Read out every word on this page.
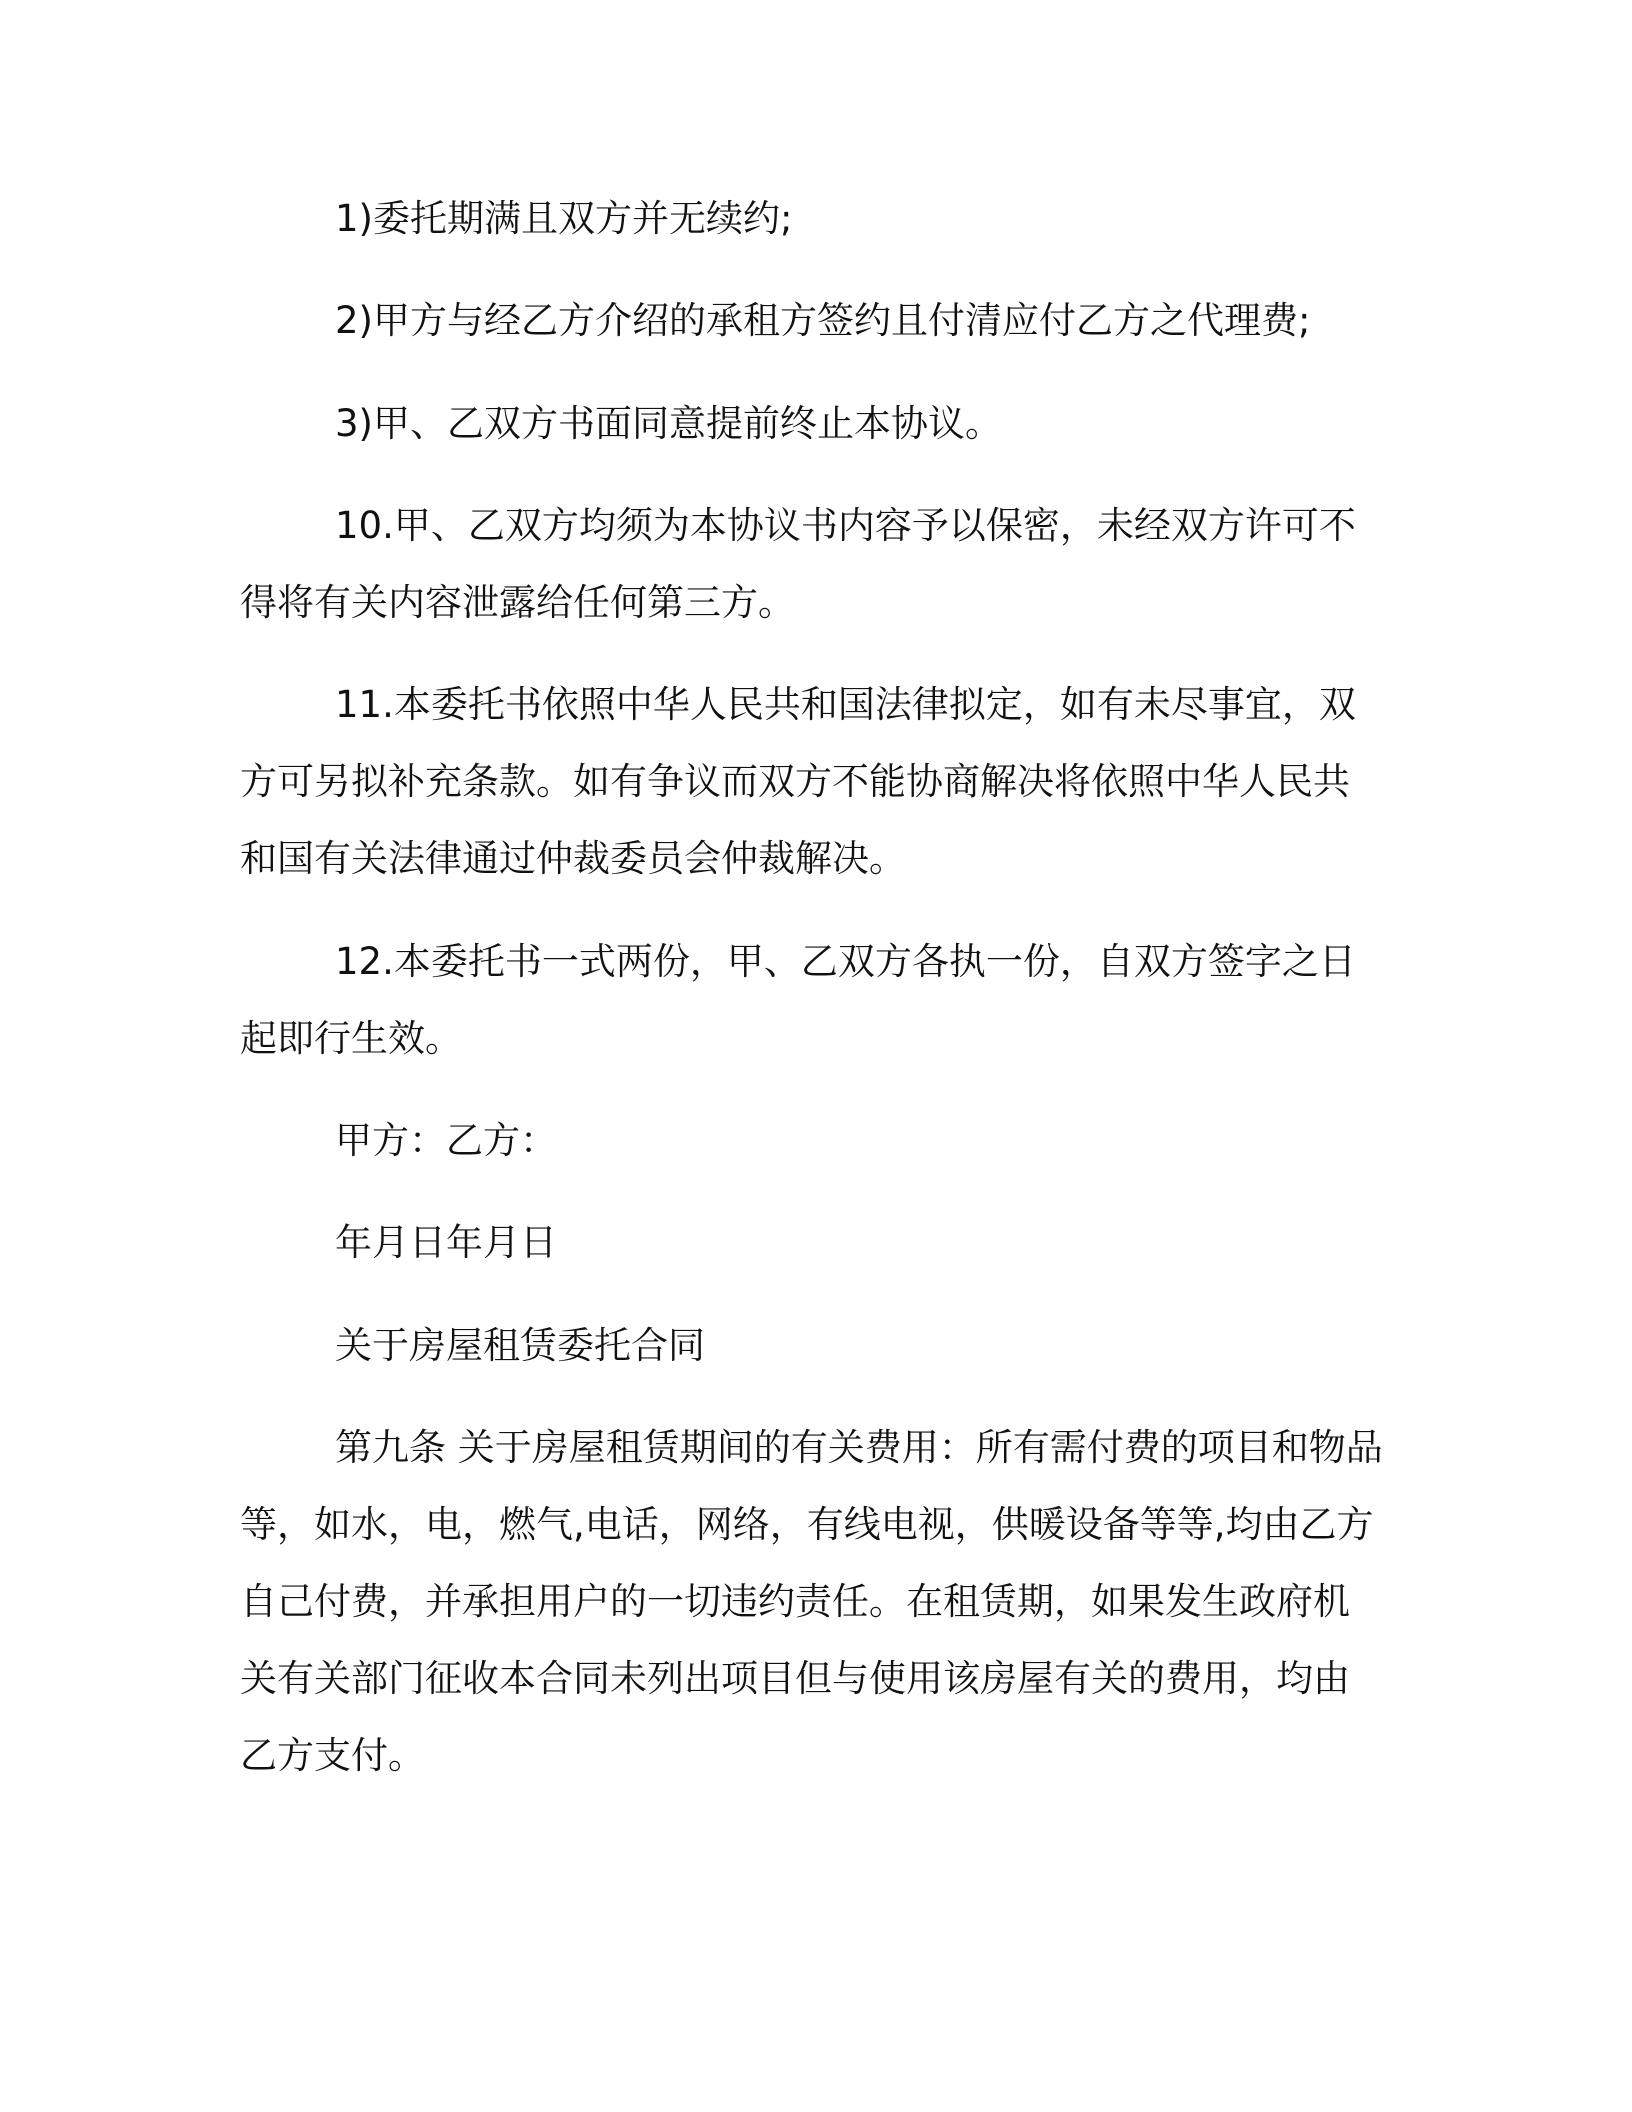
1)委托期满且双方并无续约;
2)甲方与经乙方介绍的承租方签约且付清应付乙方之代理费;
3)甲、乙双方书面同意提前终止本协议。
10.甲、乙双方均须为本协议书内容予以保密，未经双方许可不
得将有关内容泄露给任何第三方。
11.本委托书依照中华人民共和国法律拟定，如有未尽事宜，双
方可另拟补充条款。如有争议而双方不能协商解决将依照中华人民共
和国有关法律通过仲裁委员会仲裁解决。
12.本委托书一式两份，甲、乙双方各执一份，自双方签字之日
起即行生效。
甲方：乙方：
年月日年月日
关于房屋租赁委托合同
第九条 关于房屋租赁期间的有关费用：所有需付费的项目和物品
等，如水，电，燃气,电话，网络，有线电视，供暖设备等等,均由乙方
自己付费，并承担用户的一切违约责任。在租赁期，如果发生政府机
关有关部门征收本合同未列出项目但与使用该房屋有关的费用，均由
乙方支付。
